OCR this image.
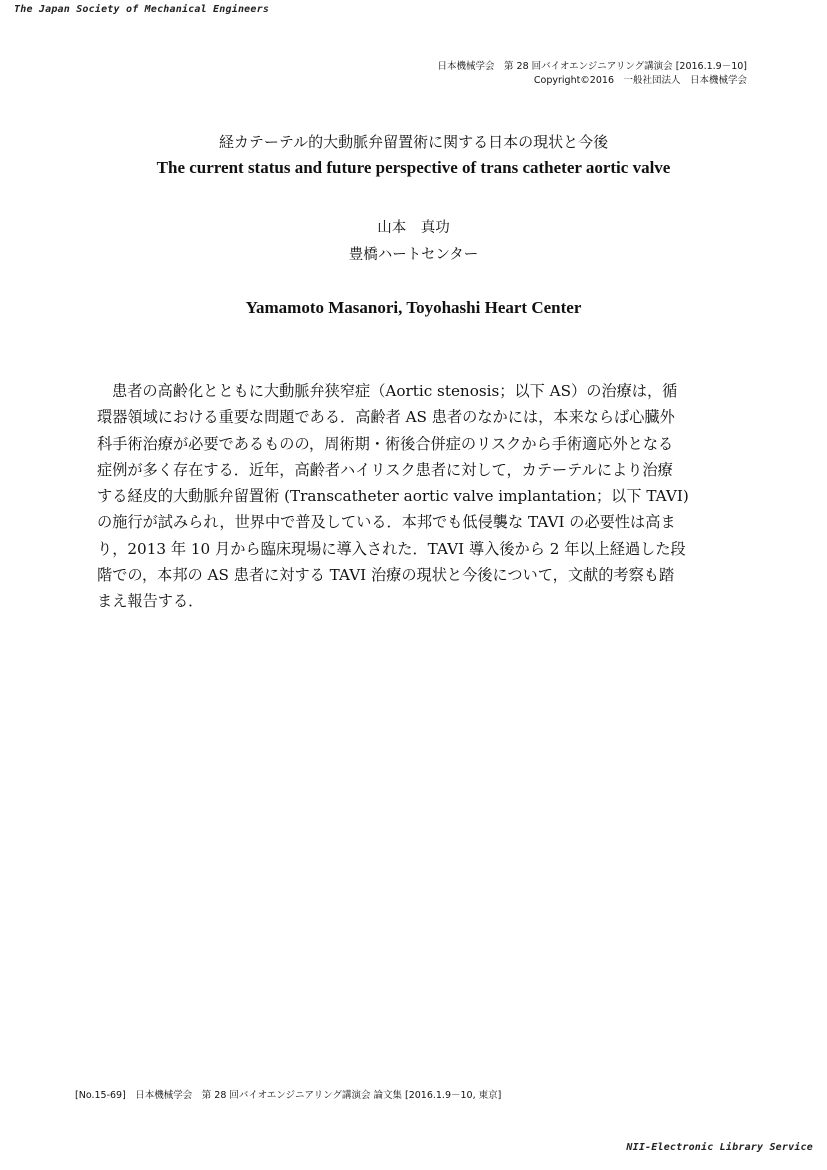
The Japan Society of Mechanical Engineers
日本機械学会　第 28 回バイオエンジニアリング講演会 [2016.1.9－10]
Copyright©2016　一般社団法人　日本機械学会
経カテーテル的大動脈弁留置術に関する日本の現状と今後
The current status and future perspective of trans catheter aortic valve
山本　真功
豊橋ハートセンター
Yamamoto Masanori, Toyohashi Heart Center
患者の高齢化とともに大動脈弁狭窄症（Aortic stenosis；以下 AS）の治療は，循
環器領域における重要な問題である．高齢者 AS 患者のなかには，本来ならば心臓外
科手術治療が必要であるものの，周術期・術後合併症のリスクから手術適応外となる
症例が多く存在する．近年，高齢者ハイリスク患者に対して，カテーテルにより治療
する経皮的大動脈弁留置術 (Transcatheter aortic valve implantation；以下 TAVI)
の施行が試みられ，世界中で普及している．本邦でも低侵襲な TAVI の必要性は高ま
り，2013 年 10 月から臨床現場に導入された．TAVI 導入後から 2 年以上経過した段
階での，本邦の AS 患者に対する TAVI 治療の現状と今後について，文献的考察も踏
まえ報告する．
[No.15-69]　日本機械学会　第 28 回バイオエンジニアリング講演会 論文集 [2016.1.9－10, 東京]
NII-Electronic Library Service
